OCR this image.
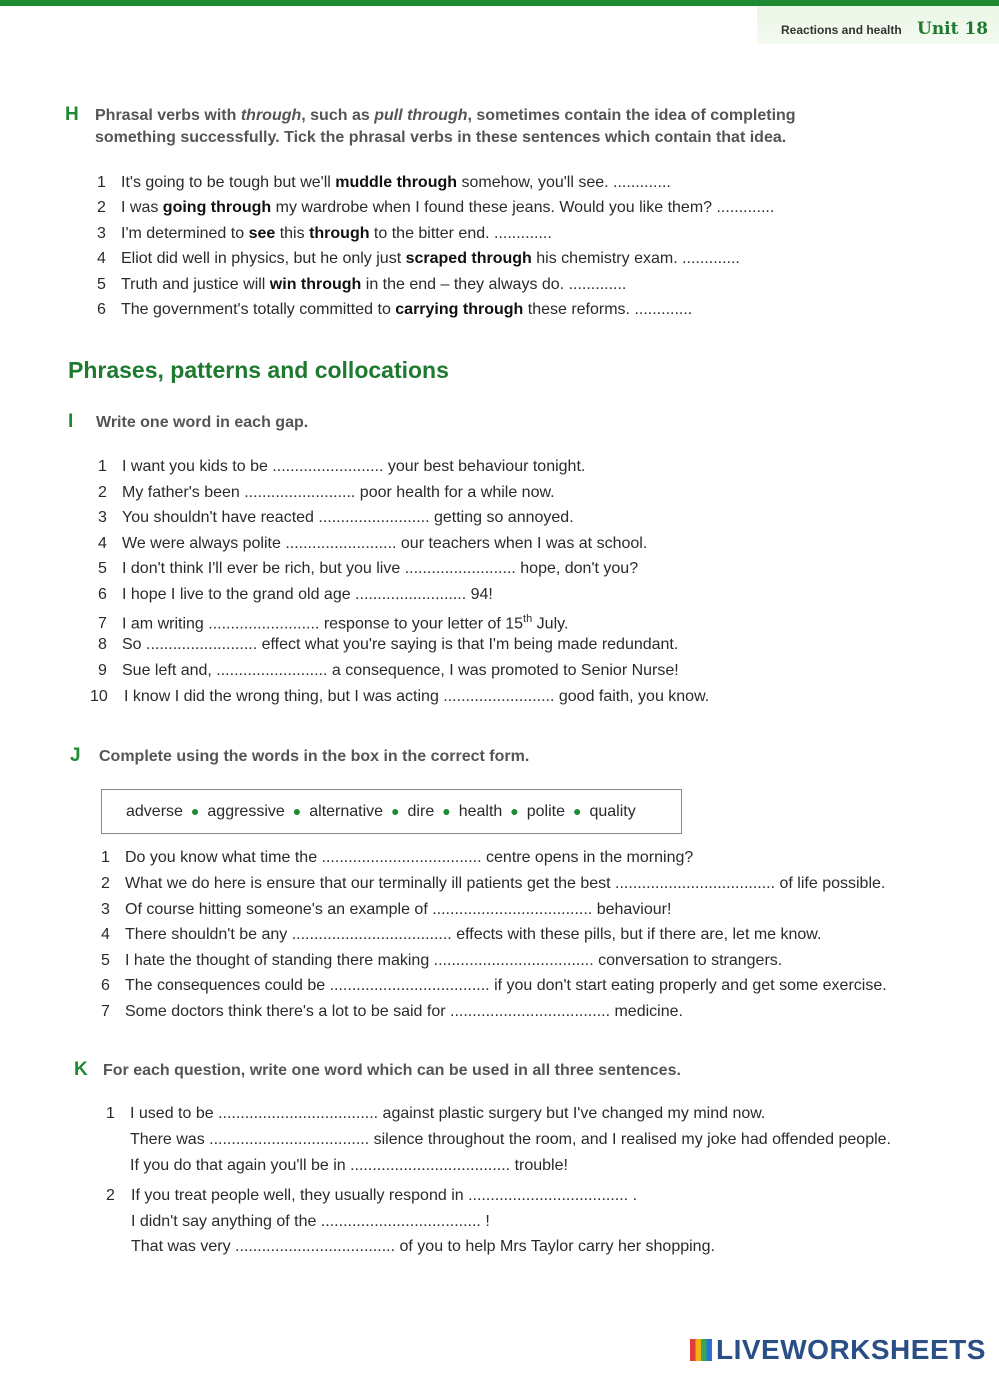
Reactions and health Unit 18
H Phrasal verbs with through, such as pull through, sometimes contain the idea of completing
something successfully. Tick the phrasal verbs in these sentences which contain that idea.
1 It's going to be tough but we'll muddle through somehow, you'll see. .............
2 I was going through my wardrobe when I found these jeans. Would you like them? .............
3 I'm determined to see this through to the bitter end. .............
4 Eliot did well in physics, but he only just scraped through his chemistry exam. .............
5 Truth and justice will win through in the end – they always do. .............
6 The government's totally committed to carrying through these reforms. .............
Phrases, patterns and collocations
I Write one word in each gap.
1 I want you kids to be ......................... your best behaviour tonight.
2 My father's been ......................... poor health for a while now.
3 You shouldn't have reacted ......................... getting so annoyed.
4 We were always polite ......................... our teachers when I was at school.
5 I don't think I'll ever be rich, but you live ......................... hope, don't you?
6 I hope I live to the grand old age ......................... 94!
7 I am writing ......................... response to your letter of 15th July.
8 So ......................... effect what you're saying is that I'm being made redundant.
9 Sue left and, ......................... a consequence, I was promoted to Senior Nurse!
10 I know I did the wrong thing, but I was acting ......................... good faith, you know.
J Complete using the words in the box in the correct form.
adverse ● aggressive ● alternative ● dire ● health ● polite ● quality
1 Do you know what time the .................................... centre opens in the morning?
2 What we do here is ensure that our terminally ill patients get the best .................................... of life possible.
3 Of course hitting someone's an example of .................................... behaviour!
4 There shouldn't be any .................................... effects with these pills, but if there are, let me know.
5 I hate the thought of standing there making .................................... conversation to strangers.
6 The consequences could be .................................... if you don't start eating properly and get some exercise.
7 Some doctors think there's a lot to be said for .................................... medicine.
K For each question, write one word which can be used in all three sentences.
1 I used to be .................................... against plastic surgery but I've changed my mind now.
There was .................................... silence throughout the room, and I realised my joke had offended people.
If you do that again you'll be in .................................... trouble!
2 If you treat people well, they usually respond in .................................... .
I didn't say anything of the .................................... !
That was very .................................... of you to help Mrs Taylor carry her shopping.
LIVEWORKSHEETS
